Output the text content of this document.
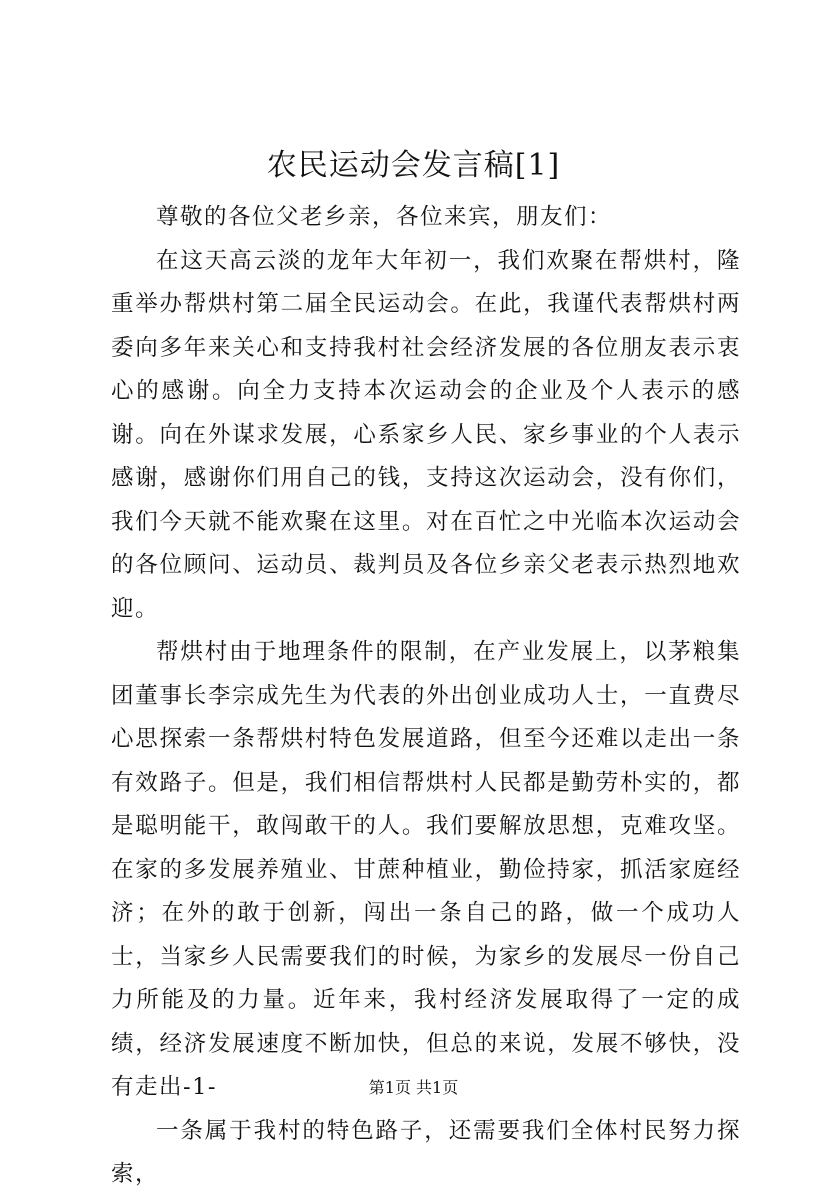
农民运动会发言稿[1]

尊敬的各位父老乡亲，各位来宾，朋友们：

在这天高云淡的龙年大年初一，我们欢聚在帮烘村，隆重举办帮烘村第二届全民运动会。在此，我谨代表帮烘村两委向多年来关心和支持我村社会经济发展的各位朋友表示衷心的感谢。向全力支持本次运动会的企业及个人表示的感谢。向在外谋求发展，心系家乡人民、家乡事业的个人表示感谢，感谢你们用自己的钱，支持这次运动会，没有你们，我们今天就不能欢聚在这里。对在百忙之中光临本次运动会的各位顾问、运动员、裁判员及各位乡亲父老表示热烈地欢迎。

帮烘村由于地理条件的限制，在产业发展上，以茅粮集团董事长李宗成先生为代表的外出创业成功人士，一直费尽心思探索一条帮烘村特色发展道路，但至今还难以走出一条有效路子。但是，我们相信帮烘村人民都是勤劳朴实的，都是聪明能干，敢闯敢干的人。我们要解放思想，克难攻坚。在家的多发展养殖业、甘蔗种植业，勤俭持家，抓活家庭经济；在外的敢于创新，闯出一条自己的路，做一个成功人士，当家乡人民需要我们的时候，为家乡的发展尽一份自己力所能及的力量。近年来，我村经济发展取得了一定的成绩，经济发展速度不断加快，但总的来说，发展不够快，没有走出-1-

一条属于我村的特色路子，还需要我们全体村民努力探索，

第1页 共1页
